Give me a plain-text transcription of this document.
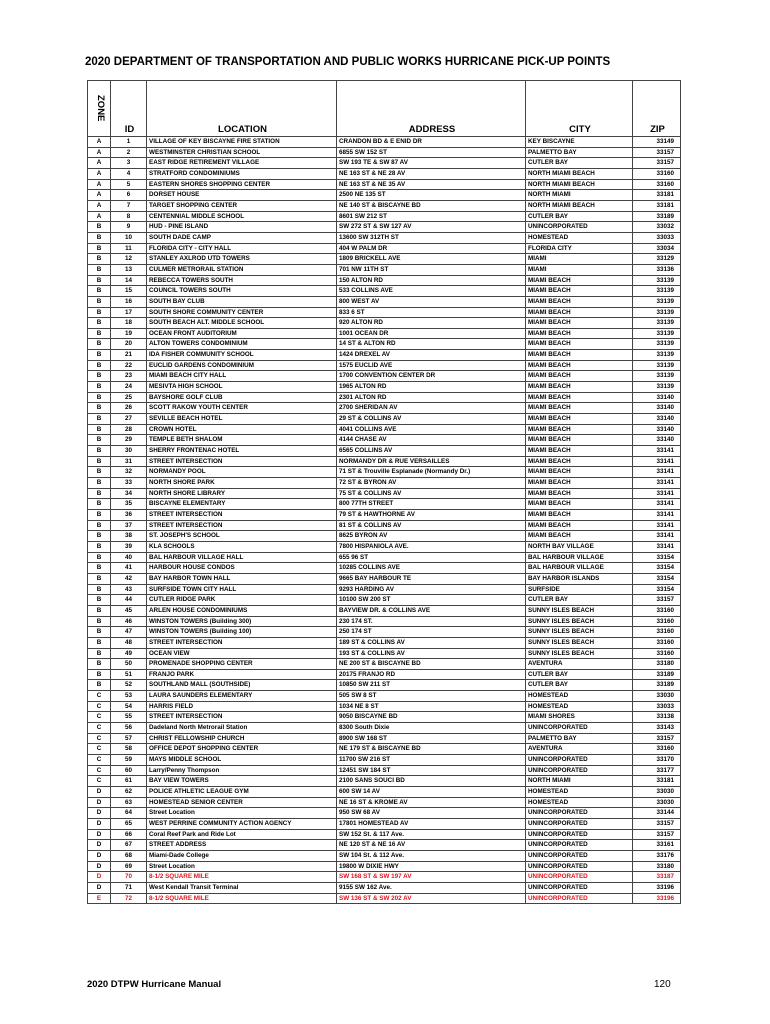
2020 DEPARTMENT OF TRANSPORTATION AND PUBLIC WORKS HURRICANE PICK-UP POINTS
ZONE	ID	LOCATION	ADDRESS	CITY	ZIP
A	1	VILLAGE OF KEY BISCAYNE FIRE STATION	CRANDON BD & E ENID DR	KEY BISCAYNE	33149
A	2	WESTMINSTER CHRISTIAN SCHOOL	6855 SW 152 ST	PALMETTO BAY	33157
A	3	EAST RIDGE RETIREMENT VILLAGE	SW 193 TE & SW 87 AV	CUTLER BAY	33157
A	4	STRATFORD CONDOMINIUMS	NE 163 ST & NE 28 AV	NORTH MIAMI BEACH	33160
A	5	EASTERN SHORES SHOPPING CENTER	NE 163 ST & NE 35 AV	NORTH MIAMI BEACH	33160
A	6	DORSET HOUSE	2500 NE 135 ST	NORTH MIAMI	33181
A	7	TARGET SHOPPING CENTER	NE 140 ST & BISCAYNE BD	NORTH MIAMI BEACH	33181
A	8	CENTENNIAL MIDDLE SCHOOL	8601 SW 212 ST	CUTLER BAY	33189
B	9	HUD - PINE ISLAND	SW 272 ST & SW 127 AV	UNINCORPORATED	33032
B	10	SOUTH DADE CAMP	13600 SW 312TH ST	HOMESTEAD	33033
B	11	FLORIDA CITY - CITY HALL	404 W PALM DR	FLORIDA CITY	33034
B	12	STANLEY AXLROD UTD TOWERS	1809 BRICKELL AVE	MIAMI	33129
B	13	CULMER METRORAIL STATION	701 NW 11TH ST	MIAMI	33136
B	14	REBECCA TOWERS SOUTH	150 ALTON RD	MIAMI BEACH	33139
B	15	COUNCIL TOWERS SOUTH	533 COLLINS AVE	MIAMI BEACH	33139
B	16	SOUTH BAY CLUB	800 WEST AV	MIAMI BEACH	33139
B	17	SOUTH SHORE COMMUNITY CENTER	833 6 ST	MIAMI BEACH	33139
B	18	SOUTH BEACH ALT. MIDDLE SCHOOL	920 ALTON RD	MIAMI BEACH	33139
B	19	OCEAN FRONT AUDITORIUM	1001 OCEAN DR	MIAMI BEACH	33139
B	20	ALTON TOWERS CONDOMINIUM	14 ST & ALTON RD	MIAMI BEACH	33139
B	21	IDA FISHER COMMUNITY SCHOOL	1424 DREXEL AV	MIAMI BEACH	33139
B	22	EUCLID GARDENS CONDOMINIUM	1575 EUCLID AVE	MIAMI BEACH	33139
B	23	MIAMI BEACH CITY HALL	1700 CONVENTION CENTER DR	MIAMI BEACH	33139
B	24	MESIVTA HIGH SCHOOL	1965 ALTON RD	MIAMI BEACH	33139
B	25	BAYSHORE GOLF CLUB	2301 ALTON RD	MIAMI BEACH	33140
B	26	SCOTT RAKOW YOUTH CENTER	2700 SHERIDAN AV	MIAMI BEACH	33140
B	27	SEVILLE BEACH HOTEL	29 ST & COLLINS AV	MIAMI BEACH	33140
B	28	CROWN HOTEL	4041 COLLINS AVE	MIAMI BEACH	33140
B	29	TEMPLE BETH SHALOM	4144 CHASE AV	MIAMI BEACH	33140
B	30	SHERRY FRONTENAC HOTEL	6565 COLLINS AV	MIAMI BEACH	33141
B	31	STREET INTERSECTION	NORMANDY DR & RUE VERSAILLES	MIAMI BEACH	33141
B	32	NORMANDY POOL	71 ST & Trouville Esplanade (Normandy Dr.)	MIAMI BEACH	33141
B	33	NORTH SHORE PARK	72 ST & BYRON AV	MIAMI BEACH	33141
B	34	NORTH SHORE LIBRARY	75 ST & COLLINS AV	MIAMI BEACH	33141
B	35	BISCAYNE ELEMENTARY	800 77TH STREET	MIAMI BEACH	33141
B	36	STREET INTERSECTION	79 ST & HAWTHORNE AV	MIAMI BEACH	33141
B	37	STREET INTERSECTION	81 ST & COLLINS AV	MIAMI BEACH	33141
B	38	ST. JOSEPH'S SCHOOL	8625 BYRON AV	MIAMI BEACH	33141
B	39	KLA SCHOOLS	7800 HISPANIOLA AVE.	NORTH BAY VILLAGE	33141
B	40	BAL HARBOUR VILLAGE HALL	655 96 ST	BAL HARBOUR VILLAGE	33154
B	41	HARBOUR HOUSE CONDOS	10285 COLLINS AVE	BAL HARBOUR VILLAGE	33154
B	42	BAY HARBOR TOWN HALL	9665 BAY HARBOUR TE	BAY HARBOR ISLANDS	33154
B	43	SURFSIDE TOWN CITY HALL	9293 HARDING AV	SURFSIDE	33154
B	44	CUTLER RIDGE PARK	10100 SW 200 ST	CUTLER BAY	33157
B	45	ARLEN HOUSE CONDOMINIUMS	BAYVIEW DR. & COLLINS AVE	SUNNY ISLES BEACH	33160
B	46	WINSTON TOWERS (Building 300)	230 174 ST.	SUNNY ISLES BEACH	33160
B	47	WINSTON TOWERS (Building 100)	250 174 ST	SUNNY ISLES BEACH	33160
B	48	STREET INTERSECTION	189 ST & COLLINS AV	SUNNY ISLES BEACH	33160
B	49	OCEAN VIEW	193 ST & COLLINS AV	SUNNY ISLES BEACH	33160
B	50	PROMENADE SHOPPING CENTER	NE 200 ST & BISCAYNE BD	AVENTURA	33180
B	51	FRANJO PARK	20175 FRANJO RD	CUTLER BAY	33189
B	52	SOUTHLAND MALL (SOUTHSIDE)	10850 SW 211 ST	CUTLER BAY	33189
C	53	LAURA SAUNDERS ELEMENTARY	505 SW 8 ST	HOMESTEAD	33030
C	54	HARRIS FIELD	1034 NE 8 ST	HOMESTEAD	33033
C	55	STREET INTERSECTION	9050 BISCAYNE BD	MIAMI SHORES	33138
C	56	Dadeland North Metrorail Station	8300 South Dixie	UNINCORPORATED	33143
C	57	CHRIST FELLOWSHIP CHURCH	8900 SW 168 ST	PALMETTO BAY	33157
C	58	OFFICE DEPOT SHOPPING CENTER	NE 179 ST & BISCAYNE BD	AVENTURA	33160
C	59	MAYS MIDDLE SCHOOL	11700 SW 216 ST	UNINCORPORATED	33170
C	60	Larry/Penny Thompson	12451 SW 184 ST	UNINCORPORATED	33177
C	61	BAY VIEW TOWERS	2100 SANS SOUCI BD	NORTH MIAMI	33181
D	62	POLICE ATHLETIC LEAGUE GYM	600 SW 14 AV	HOMESTEAD	33030
D	63	HOMESTEAD SENIOR CENTER	NE 16 ST & KROME AV	HOMESTEAD	33030
D	64	Street Location	950 SW 68 AV	UNINCORPORATED	33144
D	65	WEST PERRINE COMMUNITY ACTION AGENCY	17801 HOMESTEAD AV	UNINCORPORATED	33157
D	66	Coral Reef Park and Ride Lot	SW 152 St. & 117 Ave.	UNINCORPORATED	33157
D	67	STREET ADDRESS	NE 120 ST & NE 16 AV	UNINCORPORATED	33161
D	68	Miami-Dade College	SW 104 St. & 112 Ave.	UNINCORPORATED	33176
D	69	Street Location	19800 W DIXIE HWY	UNINCORPORATED	33180
D	70	8-1/2 SQUARE MILE	SW 168 ST & SW 197 AV	UNINCORPORATED	33187
D	71	West Kendall Transit Terminal	9155 SW 162 Ave.	UNINCORPORATED	33196
E	72	8-1/2 SQUARE MILE	SW 136 ST & SW 202 AV	UNINCORPORATED	33196
2020 DTPW Hurricane Manual	120
